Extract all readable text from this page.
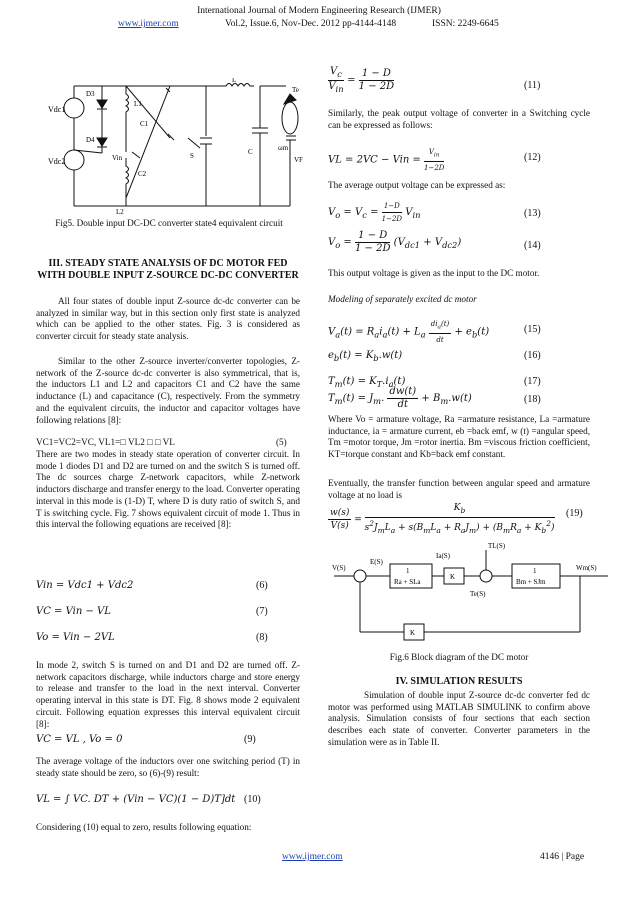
International Journal of Modern Engineering Research (IJMER)
www.ijmer.com	Vol.2, Issue.6, Nov-Dec. 2012 pp-4144-4148	ISSN: 2249-6645
Vdc1
Vdc2
D3
D4
L1
C1
Vin
C2
L2
S
L
C
Te
ωm
VF
Fig5. Double input DC-DC converter state4 equivalent circuit
III. STEADY STATE ANALYSIS OF DC MOTOR FED WITH DOUBLE INPUT Z-SOURCE DC-DC CONVERTER
All four states of double input Z-source dc-dc converter can be analyzed in similar way, but in this section only first state is analyzed which can be applied to the other states. Fig. 3 is considered as converter circuit for steady state analysis.
Similar to the other Z-source inverter/converter topologies, Z-network of the Z-source dc-dc converter is also symmetrical, that is, the inductors L1 and L2 and capacitors C1 and C2 have the same inductance (L) and capacitance (C), respectively. From the symmetry and the equivalent circuits, the inductor and capacitor voltages have following relations [8]:
VC1=VC2=VC, VL1=□ VL2 □ □ VL	(5)
There are two modes in steady state operation of converter circuit. In mode 1 diodes D1 and D2 are turned on and the switch S is turned off. The dc sources charge Z-network capacitors, while Z-network inductors discharge and transfer energy to the load. Converter operating interval in this mode is (1-D) T, where D is duty ratio of switch S, and T is switching cycle. Fig. 7 shows equivalent circuit of mode 1. Thus in this interval the following equations are received [8]:
Vin = Vdc1 + Vdc2	(6)
VC = Vin − VL	(7)
Vo = Vin − 2VL	(8)
In mode 2, switch S is turned on and D1 and D2 are turned off. Z-network capacitors discharge, while inductors charge and store energy to release and transfer to the load in the next interval. Converter operating interval in this state is DT. Fig. 8 shows mode 2 equivalent circuit. Following equation expresses this interval equivalent circuit [8]:
VC = VL , Vo = 0	(9)
The average voltage of the inductors over one switching period (T) in steady state should be zero, so (6)-(9) result:
VL = ∫ VC. DT + (Vin − VC)(1 − D)T]dt (10)
Considering (10) equal to zero, results following equation:
$\frac{V_c}{V_{in}} = \frac{1 - D}{1 - 2D}$	(11)
Similarly, the peak output voltage of converter in a Switching cycle can be expressed as follows:
VL = 2VC − Vin = $\frac{V_{in}}{1-2D}$	(12)
The average output voltage can be expressed as:
$V_o = V_c = \frac{1-D}{1-2D} V_{in}$	(13)
$V_o = \frac{1 - D}{1 - 2D} (V_{dc1} + V_{dc2})$	(14)
This output voltage is given as the input to the DC motor.
Modeling of separately excited dc motor
$V_a(t) = R_ai_a(t) + L_a \frac{di_a(t)}{dt} + e_b(t)$	(15)
$e_b(t) = K_b.w(t)$	(16)
$T_m(t) = K_T.i_a(t)$	(17)
$T_m(t) = J_m$. $\frac{dw(t)}{dt} + B_m.w(t)$	(18)
Where Vo = armature voltage, Ra =armature resistance, La =armature inductance, ia = armature current, eb =back emf, w (t) =angular speed, Tm =motor torque, Jm =rotor inertia. Bm =viscous friction coefficient, KT=torque constant and Kb=back emf constant.
Eventually, the transfer function between angular speed and armature voltage at no load is
$\frac{w(s)}{V(s)} = \frac{K_b}{s^2J_mL_a + s(B_mL_a + R_aJ_m) + (B_mR_a + K_b^2)} (19)$
V(S)
E(S)
1
Ra + SLa
Ia(S)
K
TL(S)
Te(S)
1
Bm + SJm
Wm(S)
K
Fig.6 Block diagram of the DC motor
IV. SIMULATION RESULTS
Simulation of double input Z-source dc-dc converter fed dc motor was performed using MATLAB SIMULINK to confirm above analysis. Simulation consists of four sections that each section describes each state of converter. Converter parameters in the simulation were as in Table II.
www.ijmer.com	4146 | Page
